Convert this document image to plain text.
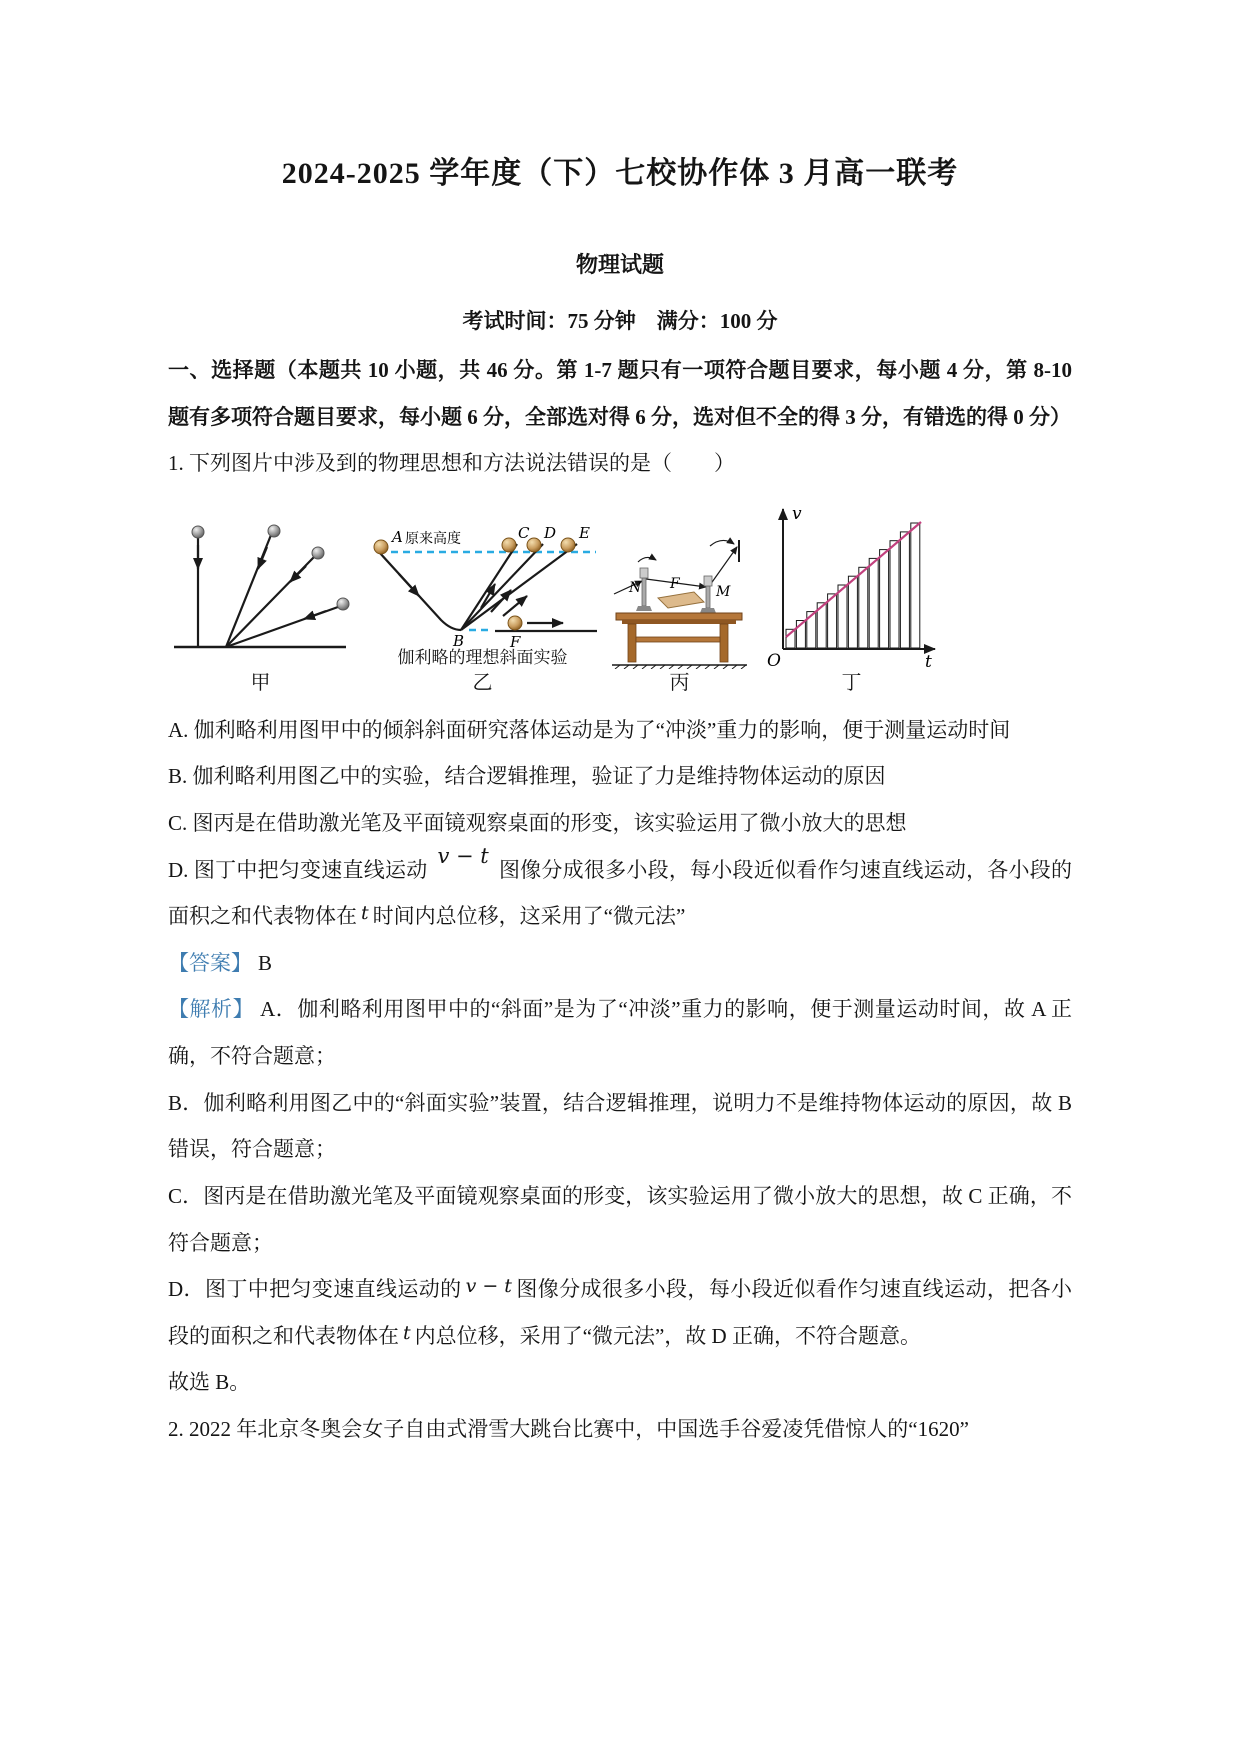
2024-2025 学年度（下）七校协作体 3 月高一联考
物理试题
考试时间：75 分钟　满分：100 分

一、选择题（本题共 10 小题，共 46 分。第 1-7 题只有一项符合题目要求，每小题 4 分，第 8-10 题有多项符合题目要求，每小题 6 分，全部选对得 6 分，选对但不全的得 3 分，有错选的得 0 分）

1. 下列图片中涉及到的物理思想和方法说法错误的是（　　）

甲
A 原来高度	C D E
B	F
伽利略的理想斜面实验
乙
F
N	M
丙
v
t
O
丁

A. 伽利略利用图甲中的倾斜斜面研究落体运动是为了“冲淡”重力的影响，便于测量运动时间

B. 伽利略利用图乙中的实验，结合逻辑推理，验证了力是维持物体运动的原因

C. 图丙是在借助激光笔及平面镜观察桌面的形变，该实验运用了微小放大的思想

D. 图丁中把匀变速直线运动v − t图像分成很多小段，每小段近似看作匀速直线运动，各小段的面积之和代表物体在 t 时间内总位移，这采用了“微元法”

【答案】 B

【解析】 A．伽利略利用图甲中的“斜面”是为了“冲淡”重力的影响，便于测量运动时间，故 A 正确，不符合题意；

B．伽利略利用图乙中的“斜面实验”装置，结合逻辑推理，说明力不是维持物体运动的原因，故 B 错误，符合题意；

C．图丙是在借助激光笔及平面镜观察桌面的形变，该实验运用了微小放大的思想，故 C 正确，不符合题意；

D．图丁中把匀变速直线运动的 v − t 图像分成很多小段，每小段近似看作匀速直线运动，把各小段的面积之和代表物体在 t 内总位移，采用了“微元法”，故 D 正确，不符合题意。

故选 B。

2. 2022 年北京冬奥会女子自由式滑雪大跳台比赛中，中国选手谷爱凌凭借惊人的“1620”
